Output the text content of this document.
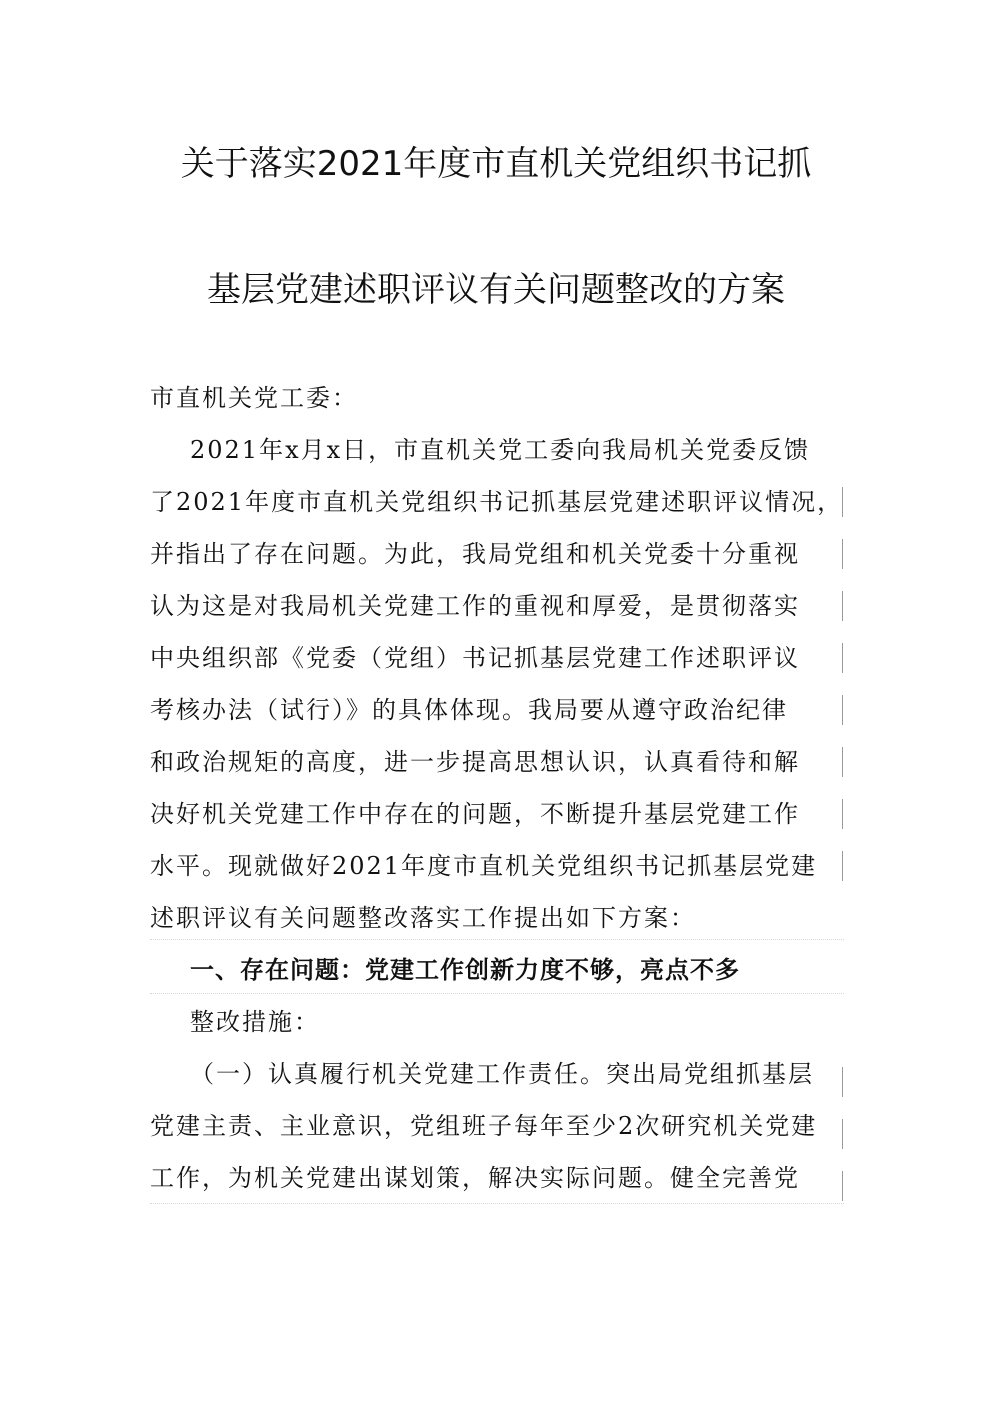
关于落实2021年度市直机关党组织书记抓
基层党建述职评议有关问题整改的方案
市直机关党工委：
2021年x月x日，市直机关党工委向我局机关党委反馈
了2021年度市直机关党组织书记抓基层党建述职评议情况，
并指出了存在问题。为此，我局党组和机关党委十分重视
认为这是对我局机关党建工作的重视和厚爱，是贯彻落实
中央组织部《党委（党组）书记抓基层党建工作述职评议
考核办法（试行）》的具体体现。我局要从遵守政治纪律
和政治规矩的高度，进一步提高思想认识，认真看待和解
决好机关党建工作中存在的问题，不断提升基层党建工作
水平。现就做好2021年度市直机关党组织书记抓基层党建
述职评议有关问题整改落实工作提出如下方案：
一、存在问题：党建工作创新力度不够，亮点不多
整改措施：
（一）认真履行机关党建工作责任。突出局党组抓基层
党建主责、主业意识，党组班子每年至少2次研究机关党建
工作，为机关党建出谋划策，解决实际问题。健全完善党
